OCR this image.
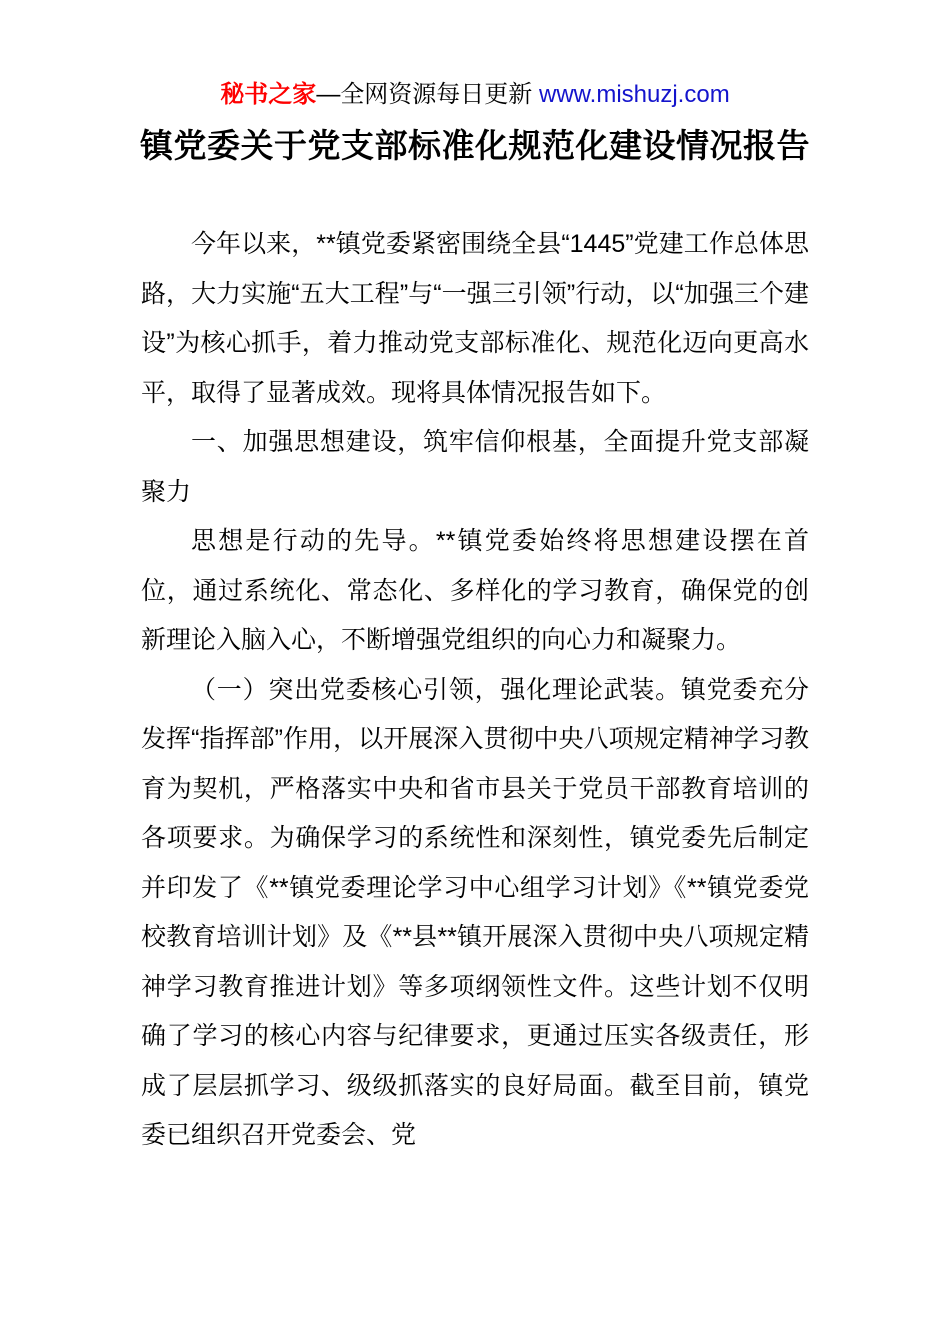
秘书之家—全网资源每日更新 www.mishuzj.com
镇党委关于党支部标准化规范化建设情况报告

今年以来，**镇党委紧密围绕全县“1445”党建工作总体思路，大力实施“五大工程”与“一强三引领”行动，以“加强三个建设”为核心抓手，着力推动党支部标准化、规范化迈向更高水平，取得了显著成效。现将具体情况报告如下。

一、加强思想建设，筑牢信仰根基，全面提升党支部凝聚力

思想是行动的先导。**镇党委始终将思想建设摆在首位，通过系统化、常态化、多样化的学习教育，确保党的创新理论入脑入心，不断增强党组织的向心力和凝聚力。

（一）突出党委核心引领，强化理论武装。镇党委充分发挥“指挥部”作用，以开展深入贯彻中央八项规定精神学习教育为契机，严格落实中央和省市县关于党员干部教育培训的各项要求。为确保学习的系统性和深刻性，镇党委先后制定并印发了《**镇党委理论学习中心组学习计划》《**镇党委党校教育培训计划》及《**县**镇开展深入贯彻中央八项规定精神学习教育推进计划》等多项纲领性文件。这些计划不仅明确了学习的核心内容与纪律要求，更通过压实各级责任，形成了层层抓学习、级级抓落实的良好局面。截至目前，镇党委已组织召开党委会、党
